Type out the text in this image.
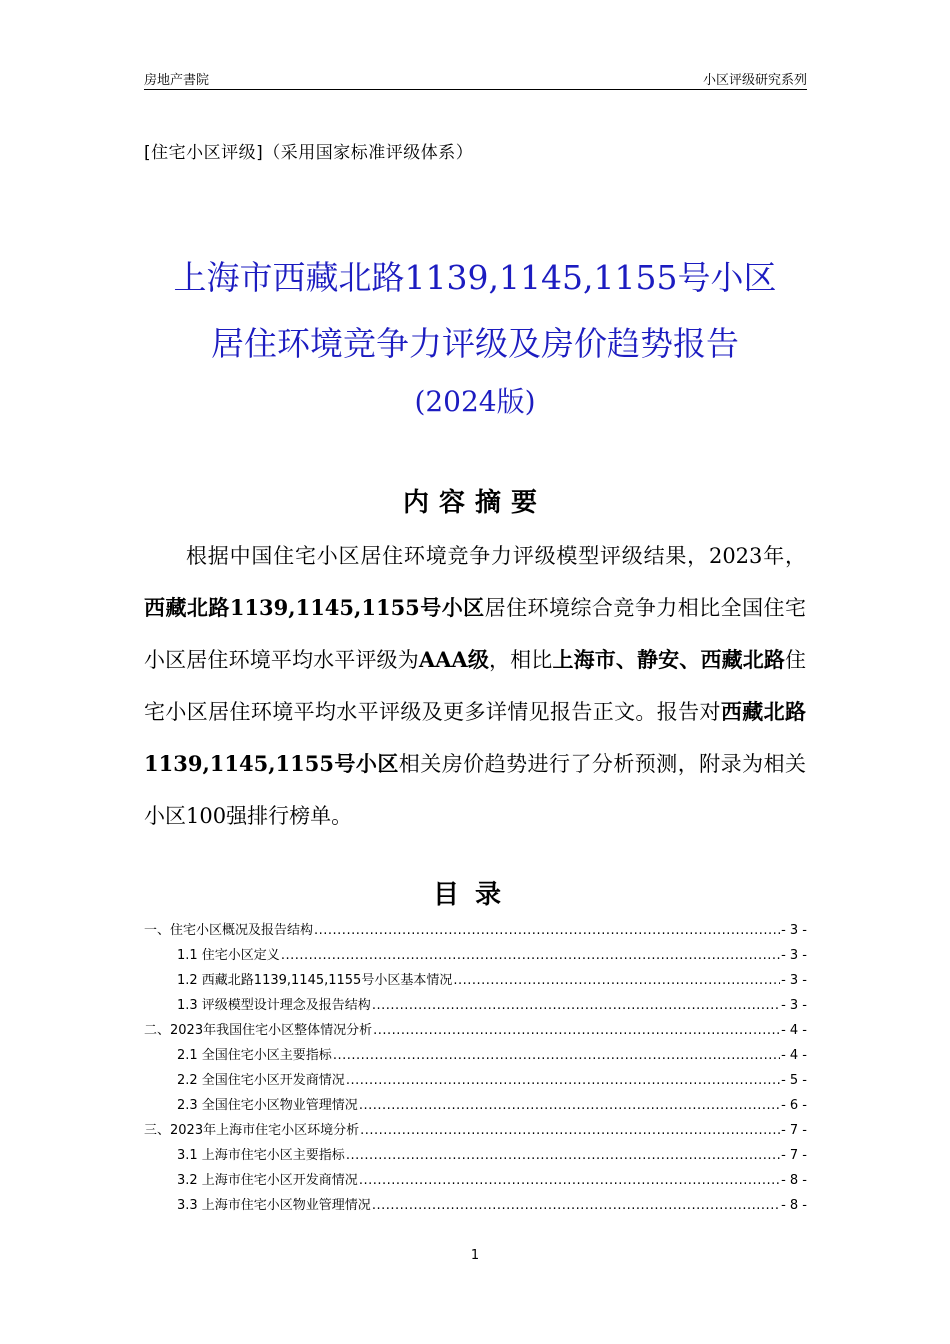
房地产書院	小区评级研究系列
[住宅小区评级]（采用国家标准评级体系）
上海市西藏北路1139,1145,1155号小区
居住环境竞争力评级及房价趋势报告
(2024版)
内容摘要

根据中国住宅小区居住环境竞争力评级模型评级结果，2023年，西藏北路1139,1145,1155号小区居住环境综合竞争力相比全国住宅小区居住环境平均水平评级为AAA级，相比上海市、静安、西藏北路住宅小区居住环境平均水平评级及更多详情见报告正文。报告对西藏北路1139,1145,1155号小区相关房价趋势进行了分析预测，附录为相关小区100强排行榜单。

目录
一、住宅小区概况及报告结构 .....	- 3 -
1.1 住宅小区定义 .....	- 3 -
1.2 西藏北路1139,1145,1155号小区基本情况 .....	- 3 -
1.3 评级模型设计理念及报告结构 .....	- 3 -
二、2023年我国住宅小区整体情况分析 .....	- 4 -
2.1 全国住宅小区主要指标 .....	- 4 -
2.2 全国住宅小区开发商情况 .....	- 5 -
2.3 全国住宅小区物业管理情况 .....	- 6 -
三、2023年上海市住宅小区环境分析 .....	- 7 -
3.1 上海市住宅小区主要指标 .....	- 7 -
3.2 上海市住宅小区开发商情况 .....	- 8 -
3.3 上海市住宅小区物业管理情况 .....	- 8 -
1
